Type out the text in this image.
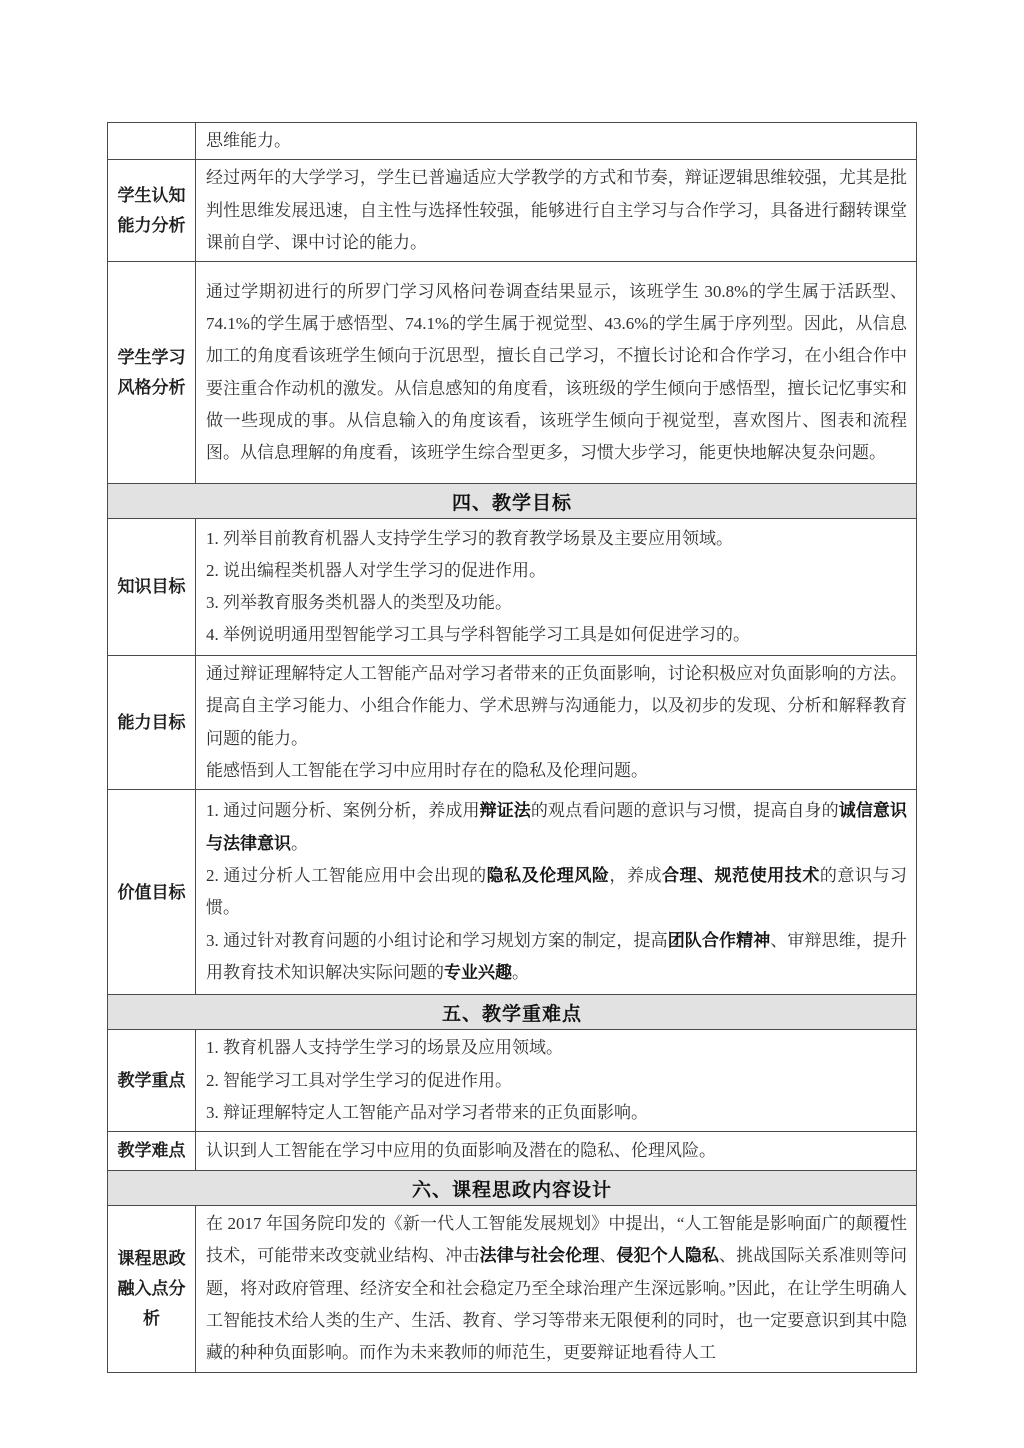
思维能力。

学生认知能力分析

经过两年的大学学习，学生已普遍适应大学教学的方式和节奏，辩证逻辑思维较强，尤其是批判性思维发展迅速，自主性与选择性较强，能够进行自主学习与合作学习，具备进行翻转课堂课前自学、课中讨论的能力。

学生学习风格分析

通过学期初进行的所罗门学习风格问卷调查结果显示，该班学生 30.8%的学生属于活跃型、74.1%的学生属于感悟型、74.1%的学生属于视觉型、43.6%的学生属于序列型。因此，从信息加工的角度看该班学生倾向于沉思型，擅长自己学习，不擅长讨论和合作学习，在小组合作中要注重合作动机的激发。从信息感知的角度看，该班级的学生倾向于感悟型，擅长记忆事实和做一些现成的事。从信息输入的角度该看，该班学生倾向于视觉型，喜欢图片、图表和流程图。从信息理解的角度看，该班学生综合型更多，习惯大步学习，能更快地解决复杂问题。

四、教学目标
知识目标

1. 列举目前教育机器人支持学生学习的教育教学场景及主要应用领域。

2. 说出编程类机器人对学生学习的促进作用。

3. 列举教育服务类机器人的类型及功能。

4. 举例说明通用型智能学习工具与学科智能学习工具是如何促进学习的。

能力目标

通过辩证理解特定人工智能产品对学习者带来的正负面影响，讨论积极应对负面影响的方法。提高自主学习能力、小组合作能力、学术思辨与沟通能力，以及初步的发现、分析和解释教育问题的能力。

能感悟到人工智能在学习中应用时存在的隐私及伦理问题。

价值目标

1. 通过问题分析、案例分析，养成用辩证法的观点看问题的意识与习惯，提高自身的诚信意识与法律意识。

2. 通过分析人工智能应用中会出现的隐私及伦理风险，养成合理、规范使用技术的意识与习惯。

3. 通过针对教育问题的小组讨论和学习规划方案的制定，提高团队合作精神、审辩思维，提升用教育技术知识解决实际问题的专业兴趣。

五、教学重难点
教学重点

1. 教育机器人支持学生学习的场景及应用领域。

2. 智能学习工具对学生学习的促进作用。

3. 辩证理解特定人工智能产品对学习者带来的正负面影响。

教学难点	认识到人工智能在学习中应用的负面影响及潜在的隐私、伦理风险。

六、课程思政内容设计
课程思政融入点分析

在 2017 年国务院印发的《新一代人工智能发展规划》中提出，“人工智能是影响面广的颠覆性技术，可能带来改变就业结构、冲击法律与社会伦理、侵犯个人隐私、挑战国际关系准则等问题，将对政府管理、经济安全和社会稳定乃至全球治理产生深远影响。”因此，在让学生明确人工智能技术给人类的生产、生活、教育、学习等带来无限便利的同时，也一定要意识到其中隐藏的种种负面影响。而作为未来教师的师范生，更要辩证地看待人工
